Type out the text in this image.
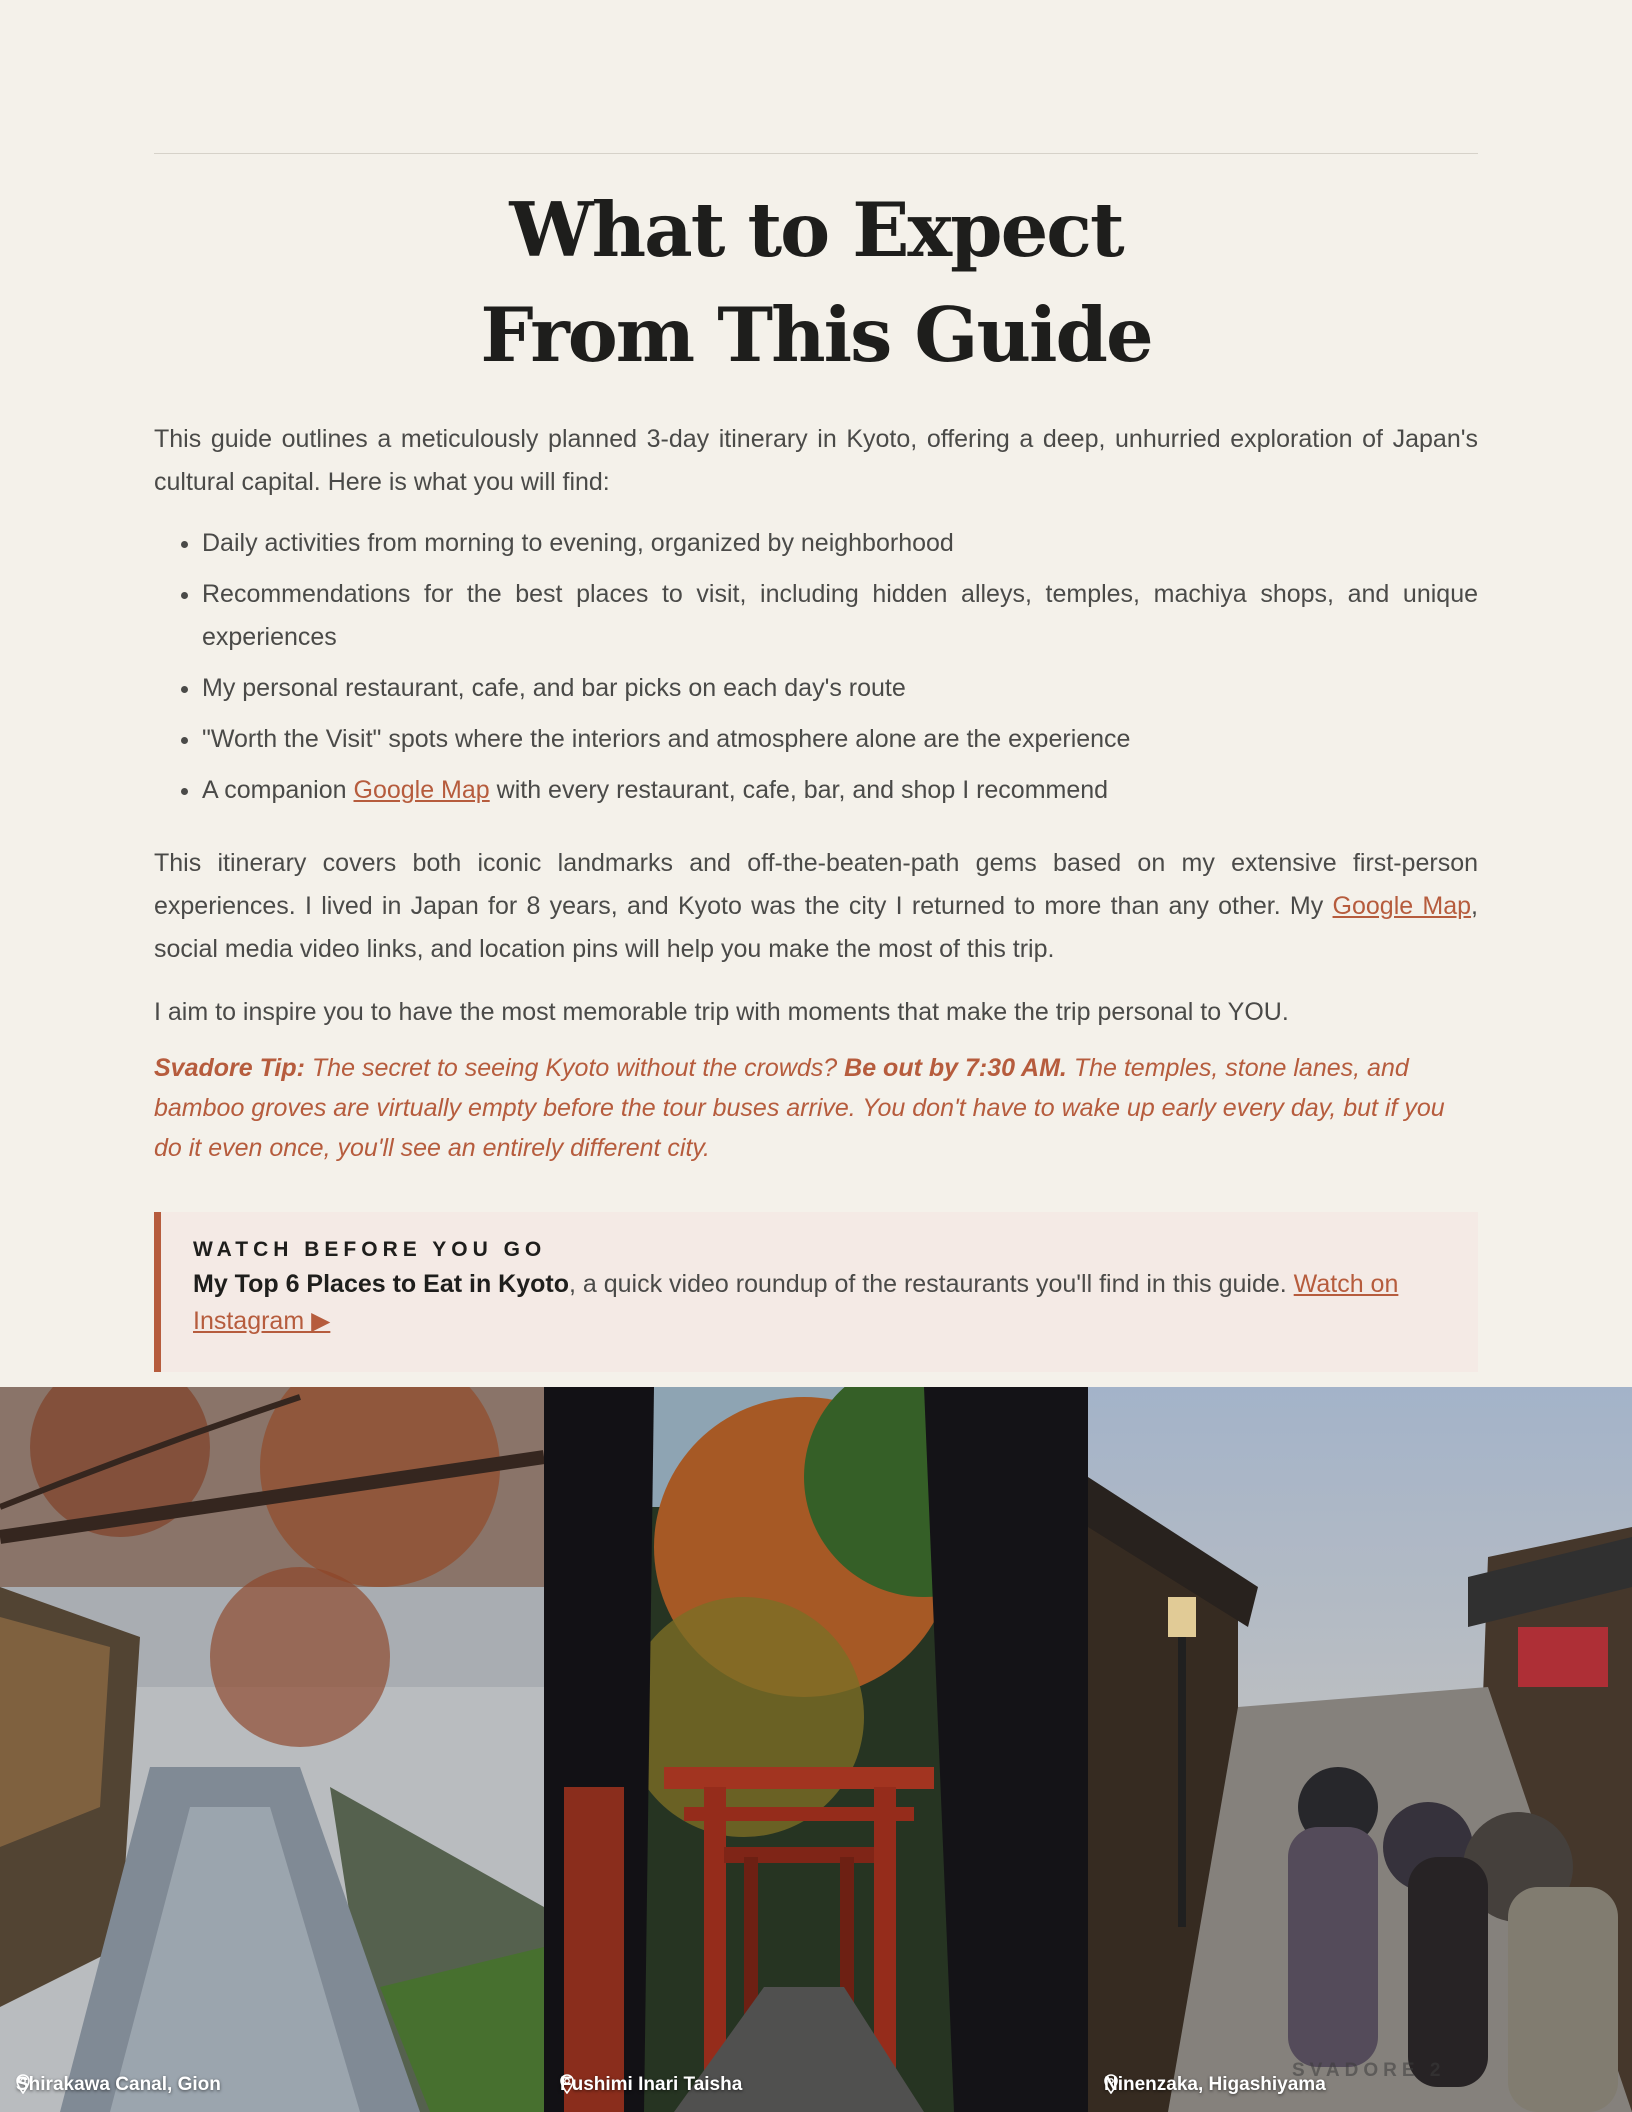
What to Expect
From This Guide

This guide outlines a meticulously planned 3-day itinerary in Kyoto, offering a deep, unhurried exploration of Japan's cultural capital. Here is what you will find:

• Daily activities from morning to evening, organized by neighborhood
• Recommendations for the best places to visit, including hidden alleys, temples, machiya shops, and unique experiences
• My personal restaurant, cafe, and bar picks on each day's route
• "Worth the Visit" spots where the interiors and atmosphere alone are the experience
• A companion Google Map with every restaurant, cafe, bar, and shop I recommend

This itinerary covers both iconic landmarks and off-the-beaten-path gems based on my extensive first-person experiences. I lived in Japan for 8 years, and Kyoto was the city I returned to more than any other. My Google Map, social media video links, and location pins will help you make the most of this trip.

I aim to inspire you to have the most memorable trip with moments that make the trip personal to YOU.

Svadore Tip: The secret to seeing Kyoto without the crowds? Be out by 7:30 AM. The temples, stone lanes, and bamboo groves are virtually empty before the tour buses arrive. You don't have to wake up early every day, but if you do it even once, you'll see an entirely different city.

WATCH BEFORE YOU GO
My Top 6 Places to Eat in Kyoto, a quick video roundup of the restaurants you'll find in this guide. Watch on Instagram ▶
Shirakawa Canal, Gion	Fushimi Inari Taisha	Ninenzaka, Higashiyama
SVADORE 2
